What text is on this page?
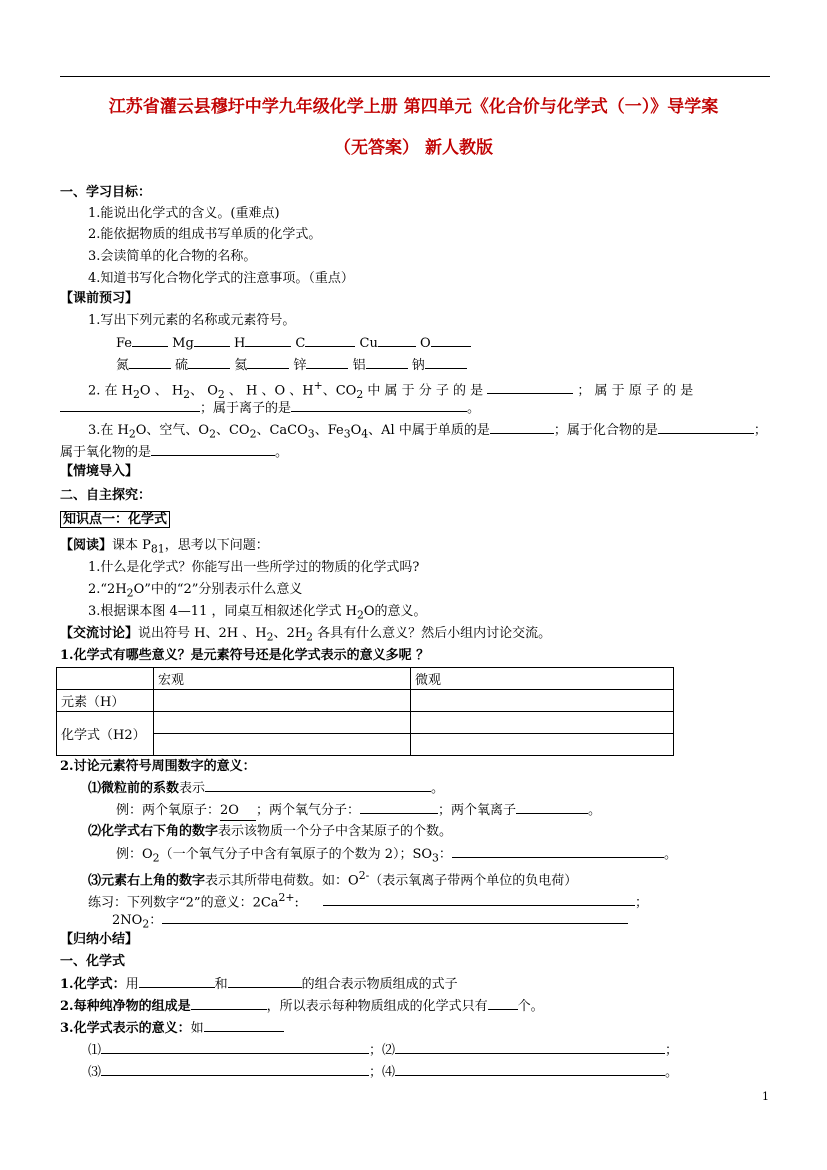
江苏省灌云县穆圩中学九年级化学上册 第四单元《化合价与化学式（一）》导学案
（无答案） 新人教版
一、学习目标：
1.能说出化学式的含义。(重难点)
2.能依据物质的组成书写单质的化学式。
3.会读简单的化合物的名称。
4.知道书写化合物化学式的注意事项。（重点）
【课前预习】
1.写出下列元素的名称或元素符号。
Fe	Mg	H	C	Cu	O
氮	硫	氦	锌	铝	钠
2. 在 $H_2O$ 、 $H_2$、 $O_2$ 、 H 、O 、H+、$CO_2$ 中 属 于 分 子 的 是	； 属 于 原 子 的 是
；属于离子的是	。
3.在 $H_2O$、空气、$O_2$、$CO_2$、CaCO$_3$、$Fe_3O_4$、Al 中属于单质的是	；属于化合物的是	；
属于氧化物的是	。
【情境导入】
二、自主探究：
知识点一：化学式
【阅读】课本 $P_{81}$，思考以下问题：
1.什么是化学式？你能写出一些所学过的物质的化学式吗?
$2.“2H_2O$”中的“2”分别表示什么意义
3.根据课本图 4—11 ，同桌互相叙述化学式 $H_2O$的意义。
【交流讨论】说出符号 H、2H 、$H_2$、$2H_2$ 各具有什么意义？然后小组内讨论交流。
1.化学式有哪些意义？是元素符号还是化学式表示的意义多呢 ？
	宏观	微观
元素（H）		
化学式（H2）		

2.讨论元素符号周围数字的意义：
⑴微粒前的系数表示	。
例：两个氧原子：2O ；两个氧气分子：	；两个氧离子	。
⑵化学式右下角的数字表示该物质一个分子中含某原子的个数。
例：$O_2$（一个氧气分子中含有氧原子的个数为 2）；$SO_3$：	。
⑶元素右上角的数字表示其所带电荷数。如：$O^{2-}$（表示氧离子带两个单位的负电荷）
练习：下列数字“2”的意义：$2Ca^{2+}$:	；
$2NO_2$：
【归纳小结】
一、化学式
1.化学式：用	和	的组合表示物质组成的式子
2.每种纯净物的组成是	，所以表示每种物质组成的化学式只有 个。
3.化学式表示的意义：如
⑴	；⑵	；
⑶	；⑷	。
1
